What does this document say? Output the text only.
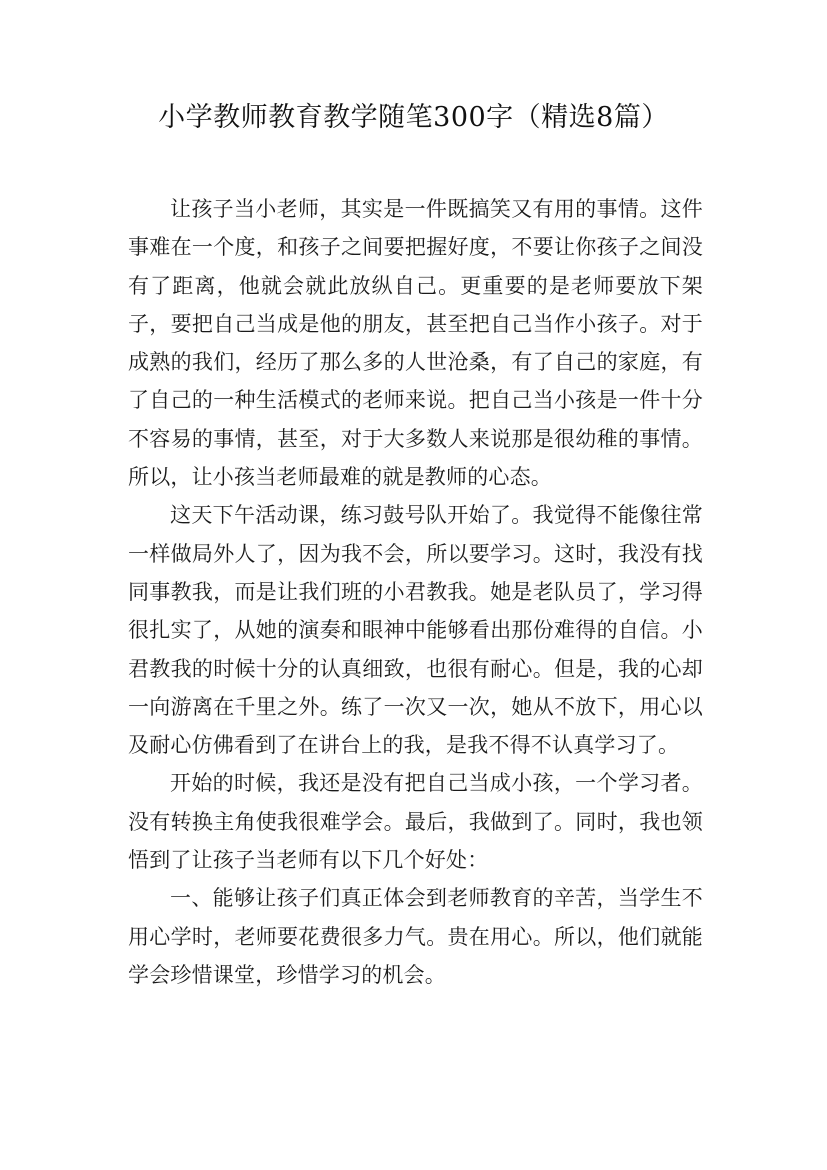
小学教师教育教学随笔300字（精选8篇）

让孩子当小老师，其实是一件既搞笑又有用的事情。这件事难在一个度，和孩子之间要把握好度，不要让你孩子之间没有了距离，他就会就此放纵自己。更重要的是老师要放下架子，要把自己当成是他的朋友，甚至把自己当作小孩子。对于成熟的我们，经历了那么多的人世沧桑，有了自己的家庭，有了自己的一种生活模式的老师来说。把自己当小孩是一件十分不容易的事情，甚至，对于大多数人来说那是很幼稚的事情。所以，让小孩当老师最难的就是教师的心态。

这天下午活动课，练习鼓号队开始了。我觉得不能像往常一样做局外人了，因为我不会，所以要学习。这时，我没有找同事教我，而是让我们班的小君教我。她是老队员了，学习得很扎实了，从她的演奏和眼神中能够看出那份难得的自信。小君教我的时候十分的认真细致，也很有耐心。但是，我的心却一向游离在千里之外。练了一次又一次，她从不放下，用心以及耐心仿佛看到了在讲台上的我，是我不得不认真学习了。

开始的时候，我还是没有把自己当成小孩，一个学习者。没有转换主角使我很难学会。最后，我做到了。同时，我也领悟到了让孩子当老师有以下几个好处：

一、能够让孩子们真正体会到老师教育的辛苦，当学生不用心学时，老师要花费很多力气。贵在用心。所以，他们就能学会珍惜课堂，珍惜学习的机会。
